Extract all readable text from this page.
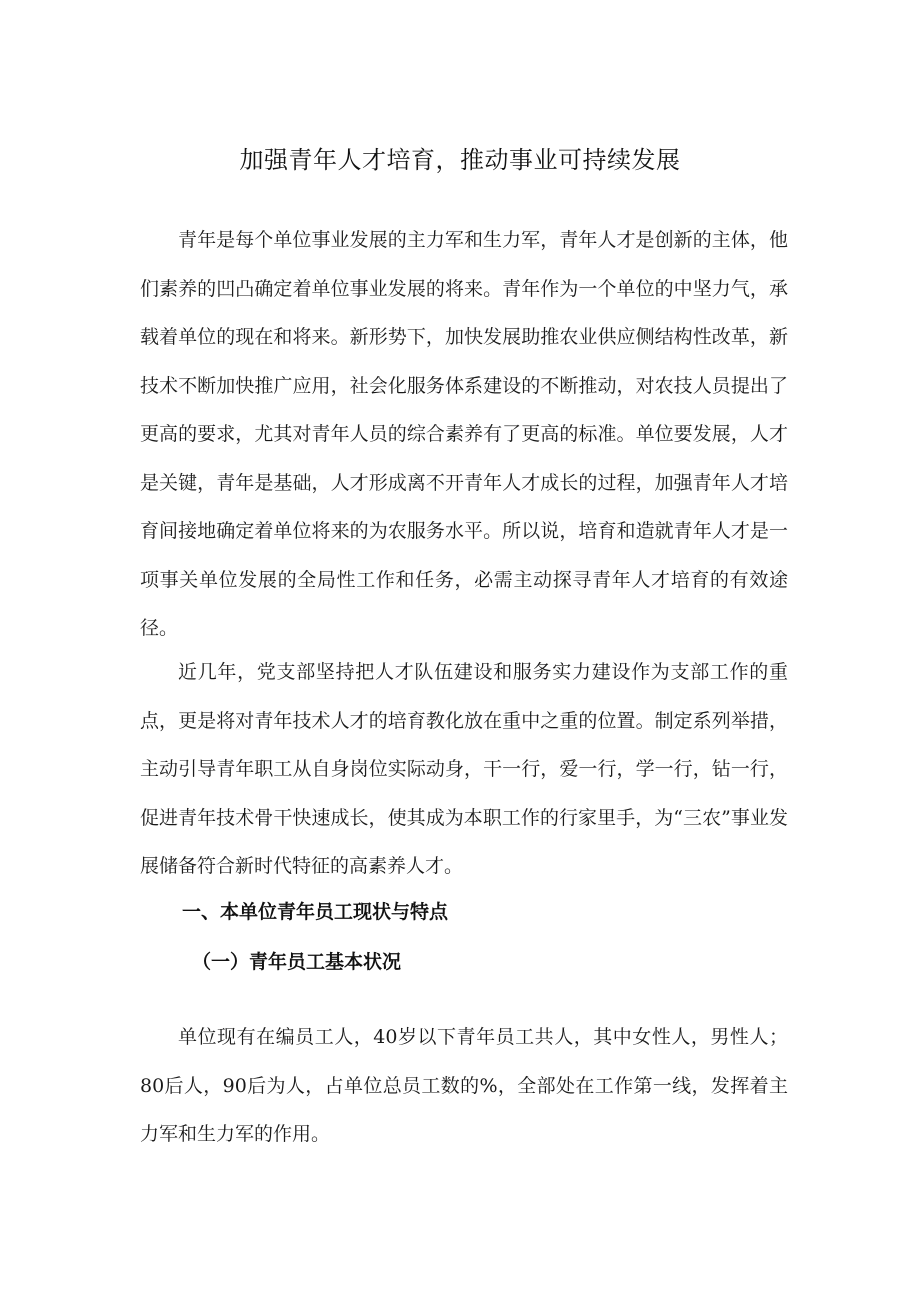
加强青年人才培育，推动事业可持续发展

青年是每个单位事业发展的主力军和生力军，青年人才是创新的主体，他们素养的凹凸确定着单位事业发展的将来。青年作为一个单位的中坚力气，承载着单位的现在和将来。新形势下，加快发展助推农业供应侧结构性改革，新技术不断加快推广应用，社会化服务体系建设的不断推动，对农技人员提出了更高的要求，尤其对青年人员的综合素养有了更高的标准。单位要发展，人才是关键，青年是基础，人才形成离不开青年人才成长的过程，加强青年人才培育间接地确定着单位将来的为农服务水平。所以说，培育和造就青年人才是一项事关单位发展的全局性工作和任务，必需主动探寻青年人才培育的有效途径。

近几年，党支部坚持把人才队伍建设和服务实力建设作为支部工作的重点，更是将对青年技术人才的培育教化放在重中之重的位置。制定系列举措，主动引导青年职工从自身岗位实际动身，干一行，爱一行，学一行，钻一行，促进青年技术骨干快速成长，使其成为本职工作的行家里手，为“三农”事业发展储备符合新时代特征的高素养人才。

一、本单位青年员工现状与特点
（一）青年员工基本状况

单位现有在编员工人，40岁以下青年员工共人，其中女性人，男性人；80后人，90后为人，占单位总员工数的%，全部处在工作第一线，发挥着主力军和生力军的作用。
